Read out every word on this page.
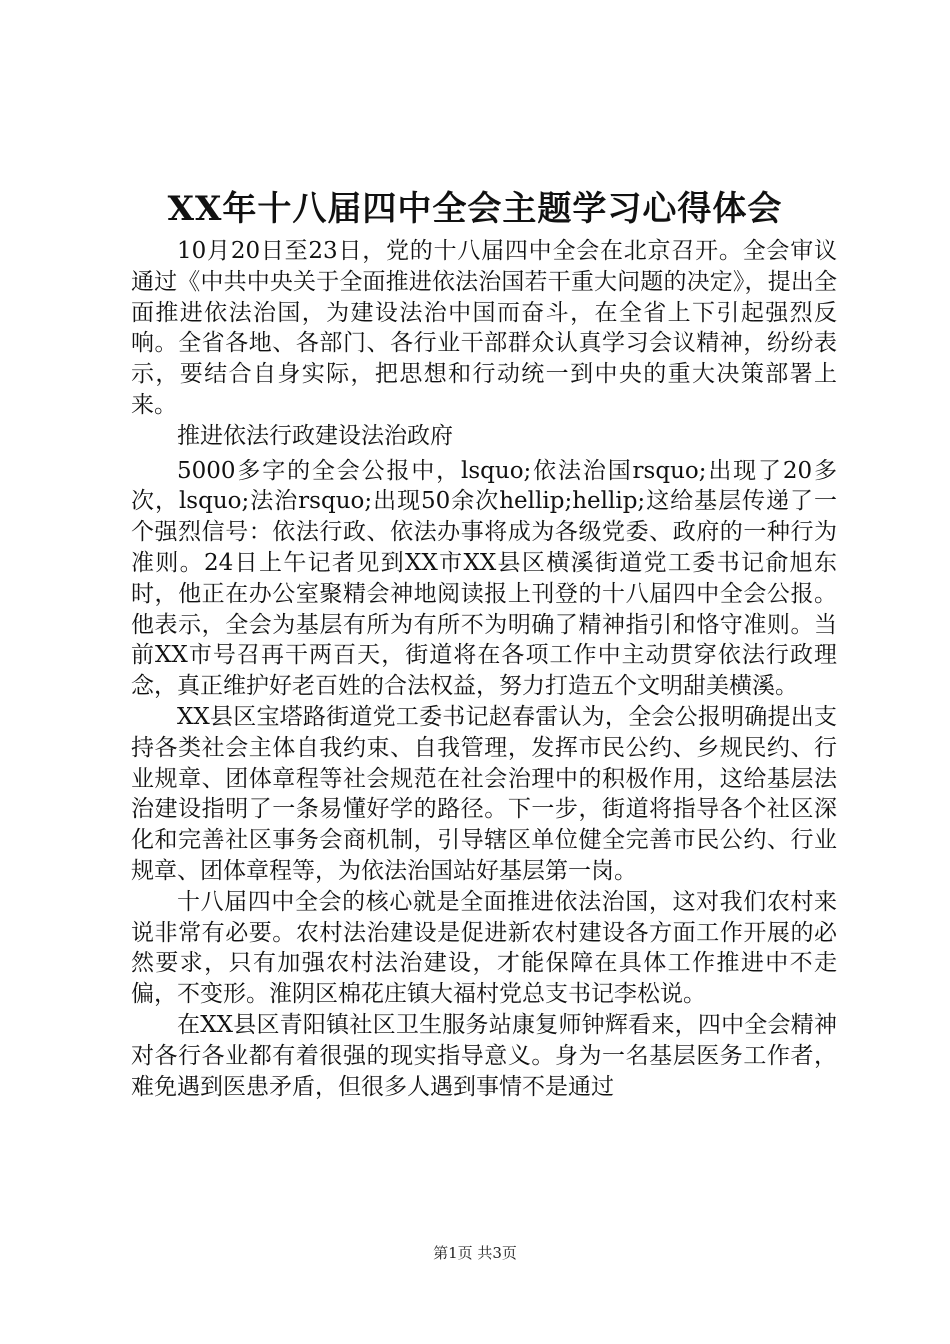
XX年十八届四中全会主题学习心得体会

10月20日至23日，党的十八届四中全会在北京召开。全会审议通过《中共中央关于全面推进依法治国若干重大问题的决定》，提出全面推进依法治国，为建设法治中国而奋斗，在全省上下引起强烈反响。全省各地、各部门、各行业干部群众认真学习会议精神，纷纷表示，要结合自身实际，把思想和行动统一到中央的重大决策部署上来。

推进依法行政建设法治政府

5000多字的全会公报中，lsquo;依法治国rsquo;出现了20多次，lsquo;法治rsquo;出现50余次hellip;hellip;这给基层传递了一个强烈信号：依法行政、依法办事将成为各级党委、政府的一种行为准则。24日上午记者见到XX市XX县区横溪街道党工委书记俞旭东时，他正在办公室聚精会神地阅读报上刊登的十八届四中全会公报。他表示，全会为基层有所为有所不为明确了精神指引和恪守准则。当前XX市号召再干两百天，街道将在各项工作中主动贯穿依法行政理念，真正维护好老百姓的合法权益，努力打造五个文明甜美横溪。

XX县区宝塔路街道党工委书记赵春雷认为，全会公报明确提出支持各类社会主体自我约束、自我管理，发挥市民公约、乡规民约、行业规章、团体章程等社会规范在社会治理中的积极作用，这给基层法治建设指明了一条易懂好学的路径。下一步，街道将指导各个社区深化和完善社区事务会商机制，引导辖区单位健全完善市民公约、行业规章、团体章程等，为依法治国站好基层第一岗。

十八届四中全会的核心就是全面推进依法治国，这对我们农村来说非常有必要。农村法治建设是促进新农村建设各方面工作开展的必然要求，只有加强农村法治建设，才能保障在具体工作推进中不走偏，不变形。淮阴区棉花庄镇大福村党总支书记李松说。

在XX县区青阳镇社区卫生服务站康复师钟辉看来，四中全会精神对各行各业都有着很强的现实指导意义。身为一名基层医务工作者，难免遇到医患矛盾，但很多人遇到事情不是通过

第1页 共3页
